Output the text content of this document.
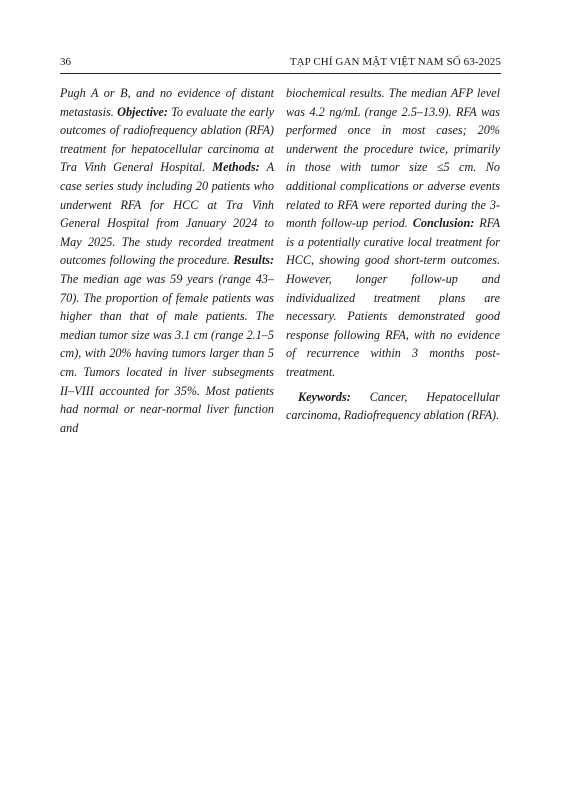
36	TẠP CHÍ GAN MẬT VIỆT NAM SỐ 63-2025

Pugh A or B, and no evidence of distant metastasis. Objective: To evaluate the early outcomes of radiofrequency ablation (RFA) treatment for hepatocellular carcinoma at Tra Vinh General Hospital. Methods: A case series study including 20 patients who underwent RFA for HCC at Tra Vinh General Hospital from January 2024 to May 2025. The study recorded treatment outcomes following the procedure. Results: The median age was 59 years (range 43–70). The proportion of female patients was higher than that of male patients. The median tumor size was 3.1 cm (range 2.1–5 cm), with 20% having tumors larger than 5 cm. Tumors located in liver subsegments II–VIII accounted for 35%. Most patients had normal or near-normal liver function and

biochemical results. The median AFP level was 4.2 ng/mL (range 2.5–13.9). RFA was performed once in most cases; 20% underwent the procedure twice, primarily in those with tumor size ≤5 cm. No additional complications or adverse events related to RFA were reported during the 3-month follow-up period. Conclusion: RFA is a potentially curative local treatment for HCC, showing good short-term outcomes. However, longer follow-up and individualized treatment plans are necessary. Patients demonstrated good response following RFA, with no evidence of recurrence within 3 months post-treatment.

Keywords: Cancer, Hepatocellular carcinoma, Radiofrequency ablation (RFA).
